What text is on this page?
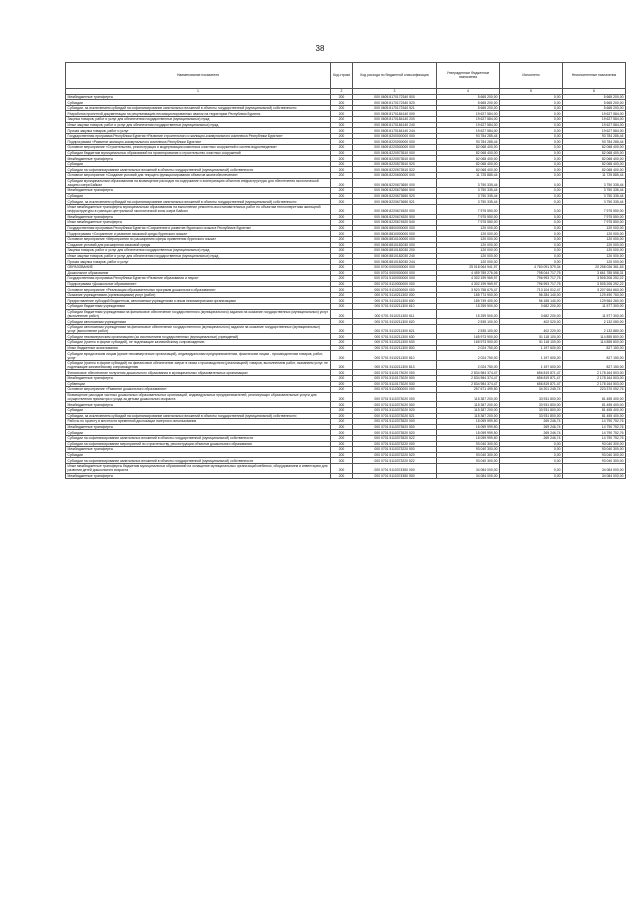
38
Наименование показателя	Код строки	Код расхода по бюджетной классификации	Утвержденные бюджетные назначения	Исполнено	Неисполненные назначения
1	2	3	4	5	6
Межбюджетные трансферты	200	000 0605 8170172340 500	5 665 200,00	0,00	5 665 200,00
Субсидии	200	000 0605 8170172340 520	5 665 200,00	0,00	5 665 200,00
Субсидии, за исключением субсидий на софинансирование капитальных вложений в объекты государственной (муниципальной) собственности	200	000 0605 8170172340 521	5 665 200,00	0,00	5 665 200,00
Разработка проектной документации на рекультивацию несанкционированных свалок на территории Республики Бурятия	200	000 0605 8170184140 000	19 627 584,00	0,00	19 627 584,00
Закупка товаров, работ и услуг для обеспечения государственных (муниципальных) нужд	200	000 0605 8170184140 200	19 627 584,00	0,00	19 627 584,00
Иные закупки товаров, работ и услуг для обеспечения государственных (муниципальных) нужд	200	000 0605 8170184140 240	19 627 584,00	0,00	19 627 584,00
Прочая закупка товаров, работ и услуг	200	000 0605 8170184140 244	19 627 584,00	0,00	19 627 584,00
Государственная программа Республики Бурятия «Развитие строительного и жилищно-коммунального комплекса Республики Бурятия»	200	000 0605 8200000000 000	93 784 285,44	0,00	93 784 285,44
Подпрограмма «Развитие жилищно-коммунального комплекса Республики Бурятия»	200	000 0605 8220000000 000	93 784 285,44	0,00	93 784 285,44
Основное мероприятие «Строительство, реконструкция и модернизация комплекса очистных сооружений и систем водоотведения»	200	000 0605 8220500000 000	82 068 400,00	0,00	82 068 400,00
Субсидии бюджетам муниципальных образований на проектирование и строительство очистных сооружений	200	000 0605 8220573510 000	82 068 400,00	0,00	82 068 400,00
Межбюджетные трансферты	200	000 0605 8220573510 500	82 068 400,00	0,00	82 068 400,00
Субсидии	200	000 0605 8220573510 520	82 068 400,00	0,00	82 068 400,00
Субсидии на софинансирование капитальных вложений в объекты государственной (муниципальной) собственности	200	000 0605 8220573510 522	82 068 400,00	0,00	82 068 400,00
Основное мероприятие «Создание условий для текущего функционирования объектов жизнеобеспечения»	200	000 0605 8220600000 000	11 725 885,44	0,00	11 725 885,44
Субсидии муниципальным образованиям на возмещение расходов на содержание и эксплуатацию объектов инфраструктуры для обеспечения экологической защиты озера Байкал	200	000 0605 8220673650 000	3 750 335,44	0,00	3 750 335,44
Межбюджетные трансферты	200	000 0605 8220673650 500	3 750 335,44	0,00	3 750 335,44
Субсидии	200	000 0605 8220673650 520	3 750 335,44	0,00	3 750 335,44
Субсидии, за исключением субсидий на софинансирование капитальных вложений в объекты государственной (муниципальной) собственности	200	000 0605 8220673650 521	3 750 335,44	0,00	3 750 335,44
Иные межбюджетные трансферты муниципальным образованиям на выполнение ремонтно-восстановительных работ по объектам теплоэнергетики жилищной инфраструктуры в границах центральной экологической зоны озера Байкал	200	000 0605 8220674520 000	7 975 550,00	0,00	7 975 550,00
Межбюджетные трансферты	200	000 0605 8220674520 500	7 975 550,00	0,00	7 975 550,00
Иные межбюджетные трансферты	200	000 0605 8220674520 540	7 975 550,00	0,00	7 975 550,00
Государственная программа Республики Бурятия «Сохранение и развитие бурятского языка в Республике Бурятия»	200	000 0605 8800000000 000	120 000,00	0,00	120 000,00
Подпрограмма «Сохранение и развитие языковой среды бурятского языка»	200	000 0605 8810000000 000	120 000,00	0,00	120 000,00
Основное мероприятие «Мероприятия по расширению сферы применения бурятского языка»	200	000 0605 8810100000 000	120 000,00	0,00	120 000,00
Создание условий для расширения языковой среды	200	000 0605 8810182030 000	120 000,00	0,00	120 000,00
Закупка товаров, работ и услуг для обеспечения государственных (муниципальных) нужд	200	000 0605 8810182030 200	120 000,00	0,00	120 000,00
Иные закупки товаров, работ и услуг для обеспечения государственных (муниципальных) нужд	200	000 0605 8810182030 240	120 000,00	0,00	120 000,00
Прочая закупка товаров, работ и услуг	200	000 0605 8810182030 244	120 000,00	0,00	120 000,00
ОБРАЗОВАНИЕ	200	000 0700 0000000000 000	25 018 064 941,97	4 760 091 579,34	20 258 026 361,63
Дошкольное образование	200	000 0701 0000000000 000	4 459 789 276,06	798 044 717,75	3 661 785 558,31
Государственная программа Республики Бурятия «Развитие образования и науки»	200	000 0701 5100000000 000	4 302 199 969,97	796 993 717,75	3 505 206 252,22
Подпрограмма «Дошкольное образование»	200	000 0701 5110000000 000	4 302 199 969,97	796 993 717,75	3 505 206 252,22
Основное мероприятие «Реализация образовательных программ дошкольного образования»	200	000 0701 5110200000 000	3 920 758 675,47	713 104 012,47	3 207 654 663,00
Оказание учреждениями (организациями) услуг (работ)	200	000 0701 5110211300 000	185 774 900,00	56 284 140,00	129 490 760,00
Предоставление субсидий бюджетным, автономным учреждениям и иным некоммерческим организациям	200	000 0701 5110211300 600	185 749 400,00	56 185 140,00	129 564 260,00
Субсидии бюджетным учреждениям	200	000 0701 5110211300 610	15 259 500,00	3 682 200,00	11 577 300,00
Субсидии бюджетным учреждениям на финансовое обеспечение государственного (муниципального) задания на оказание государственных (муниципальных) услуг (выполнение работ)	200	000 0701 5110211300 611	15 259 500,00	3 682 200,00	11 577 300,00
Субсидии автономным учреждениям	200	000 0701 5110211300 620	2 535 100,00	402 020,00	2 132 080,00
Субсидии автономным учреждениям на финансовое обеспечение государственного (муниципального) задания на оказание государственных (муниципальных) услуг (выполнение работ)	200	000 0701 5110211300 621	2 535 100,00	402 220,00	2 132 880,00
Субсидии некоммерческим организациям (за исключением государственных (муниципальных) учреждений)	200	000 0701 5110211300 630	165 973 900,00	51 118 100,00	114 855 800,00
Субсидии (гранты в форме субсидий), не подлежащие казначейскому сопровождению	200	000 0701 5110211300 633	165 973 900,00	51 118 100,00	114 855 800,00
Иные бюджетные ассигнования	200	000 0701 5110211300 800	2 024 750,00	1 197 600,00	827 150,00
Субсидии юридическим лицам (кроме некоммерческих организаций), индивидуальным предпринимателям, физическим лицам - производителям товаров, работ, услуг	200	000 0701 5110211300 810	2 024 750,00	1 197 600,00	827 150,00
Субсидии (гранты в форме субсидий) на финансовое обеспечение затрат в связи с производством (реализацией) товаров, выполнением работ, оказанием услуг, не подлежащие казначейскому сопровождению	200	000 0701 5110211300 813	2 024 750,00	1 197 600,00	827 150,00
Финансовое обеспечение получения дошкольного образования в муниципальных образовательных организациях	200	000 0701 5110173020 000	2 834 984 374,47	656 819 871,47	2 178 164 503,00
Межбюджетные трансферты	200	000 0701 5110173020 500	2 834 984 374,47	656 819 871,47	2 178 164 503,00
Субвенции	200	000 0701 5110173020 530	2 834 984 374,47	656 819 871,47	2 178 164 503,00
Основное мероприятие «Развитие дошкольного образования»	200	000 0701 5110300000 000	257 671 499,50	34 201 245,74	223 370 052,76
Возмещение расходов частных дошкольных образовательных организаций, индивидуальных предпринимателей, реализующих образовательные услуги для осуществления присмотра и ухода за детьми дошкольного возраста	200	000 0701 5110373020 000	115 387 200,00	33 931 800,00	81 455 400,00
Межбюджетные трансферты	200	000 0701 5110373020 500	115 387 200,00	33 931 800,00	81 455 400,00
Субсидии	200	000 0701 5110373020 520	115 387 200,00	33 931 800,00	81 455 400,00
Субсидии, за исключением субсидий на софинансирование капитальных вложений в объекты государственной (муниципальной) собственности	200	000 0701 5110373020 521	115 387 200,00	33 931 800,00	81 455 400,00
Работы по проекту в местности временной дислокации лагерного использования	200	000 0701 5110373520 000	15 059 999,50	269 246,74	14 790 752,76
Межбюджетные трансферты	200	000 0701 5110373520 500	15 059 999,50	269 246,74	14 790 752,76
Субсидии	200	000 0701 5110373520 520	15 059 999,50	269 246,74	14 790 752,76
Субсидии на софинансирование капитальных вложений в объекты государственной (муниципальной) собственности	200	000 0701 5110373520 522	15 059 999,50	269 246,74	14 790 752,76
Субсидии на софинансирование мероприятий по строительству, реконструкции объектов дошкольного образования	200	000 0701 5110373220 000	93 040 300,00	0,00	93 040 300,00
Межбюджетные трансферты	200	000 0701 5110373220 500	93 040 300,00	0,00	93 040 300,00
Субсидии	200	000 0701 5110373220 520	93 040 300,00	0,00	93 040 300,00
Субсидии на софинансирование капитальных вложений в объекты государственной (муниципальной) собственности	200	000 0701 5110373220 522	93 040 300,00	0,00	93 040 300,00
Иные межбюджетные трансферты бюджетам муниципальных образований на оснащение муниципальных организаций мебелью, оборудованием и инвентарем для развития детей дошкольного возраста	200	000 0701 5110374350 000	34 084 000,00	0,00	34 084 000,00
Межбюджетные трансферты	200	000 0701 5110374350 500	34 084 000,00	0,00	34 084 000,00
